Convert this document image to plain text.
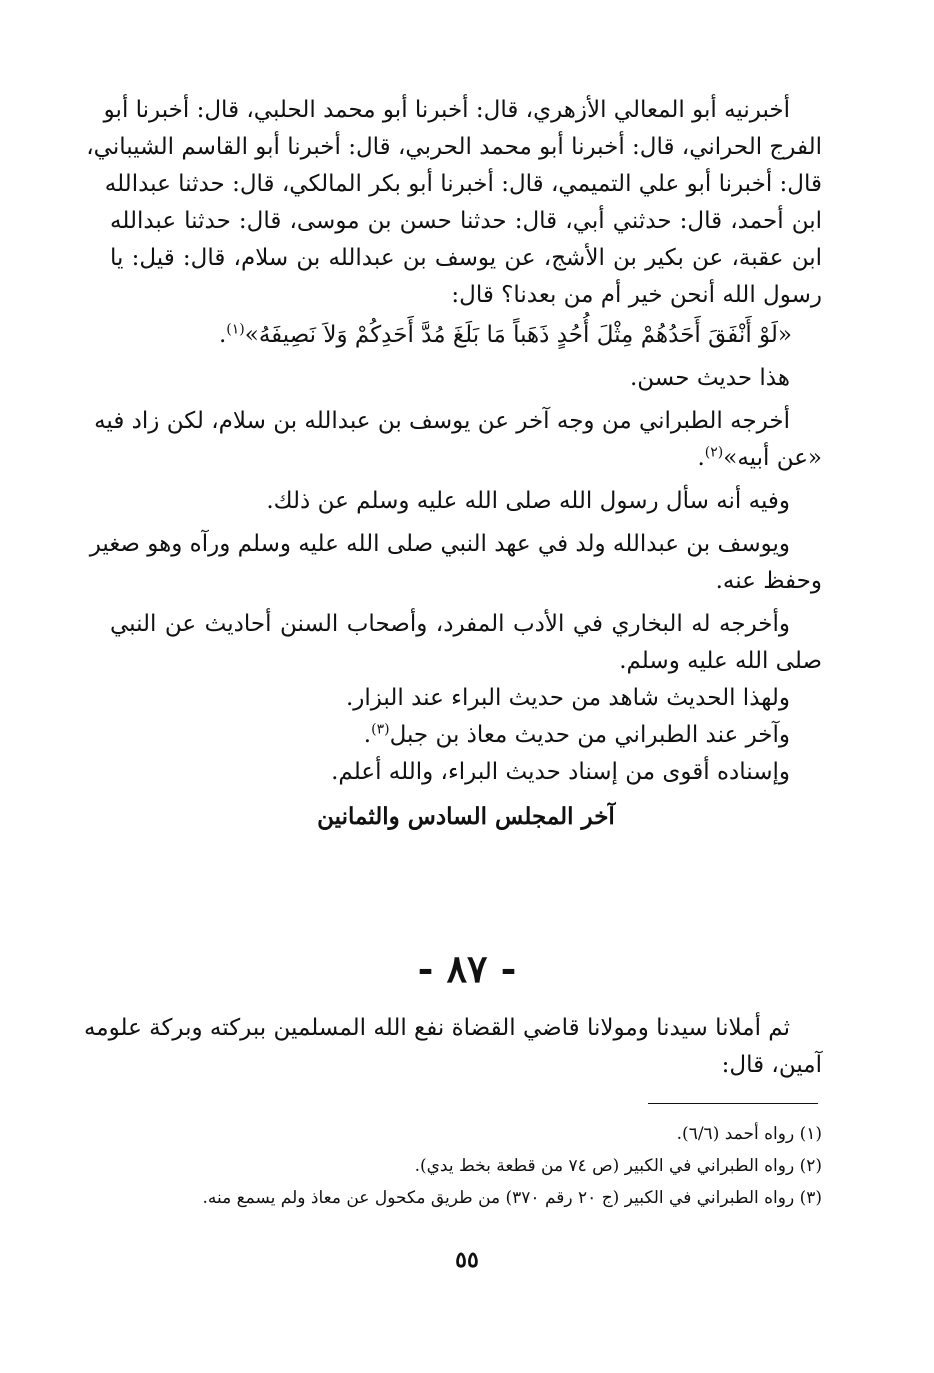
أخبرنيه أبو المعالي الأزهري، قال: أخبرنا أبو محمد الحلبي، قال: أخبرنا أبو
الفرج الحراني، قال: أخبرنا أبو محمد الحربي، قال: أخبرنا أبو القاسم الشيباني،
قال: أخبرنا أبو علي التميمي، قال: أخبرنا أبو بكر المالكي، قال: حدثنا عبدالله
ابن أحمد، قال: حدثني أبي، قال: حدثنا حسن بن موسى، قال: حدثنا عبدالله
ابن عقبة، عن بكير بن الأشج، عن يوسف بن عبدالله بن سلام، قال: قيل: يا
رسول الله أنحن خير أم من بعدنا؟ قال:
«لَوْ أَنْفَقَ أَحَدُهُمْ مِثْلَ أُحُدٍ ذَهَباً مَا بَلَغَ مُدَّ أَحَدِكُمْ وَلاَ نَصِيفَهُ»$^{(١)}$.
هذا حديث حسن.
أخرجه الطبراني من وجه آخر عن يوسف بن عبدالله بن سلام، لكن زاد فيه
«عن أبيه»$^{(٢)}$.
وفيه أنه سأل رسول الله صلى الله عليه وسلم عن ذلك.
ويوسف بن عبدالله ولد في عهد النبي صلى الله عليه وسلم ورآه وهو صغير
وحفظ عنه.
وأخرجه له البخاري في الأدب المفرد، وأصحاب السنن أحاديث عن النبي
صلى الله عليه وسلم.
ولهذا الحديث شاهد من حديث البراء عند البزار.
وآخر عند الطبراني من حديث معاذ بن جبل$^{(٣)}$.
وإسناده أقوى من إسناد حديث البراء، والله أعلم.
آخر المجلس السادس والثمانين
- ٨٧ -
ثم أملانا سيدنا ومولانا قاضي القضاة نفع الله المسلمين ببركته وبركة علومه
آمين، قال:
(١) رواه أحمد (٦/٦).
(٢) رواه الطبراني في الكبير (ص ٧٤ من قطعة بخط يدي).
(٣) رواه الطبراني في الكبير (ج ٢٠ رقم ٣٧٠) من طريق مكحول عن معاذ ولم يسمع منه.
٥٥
